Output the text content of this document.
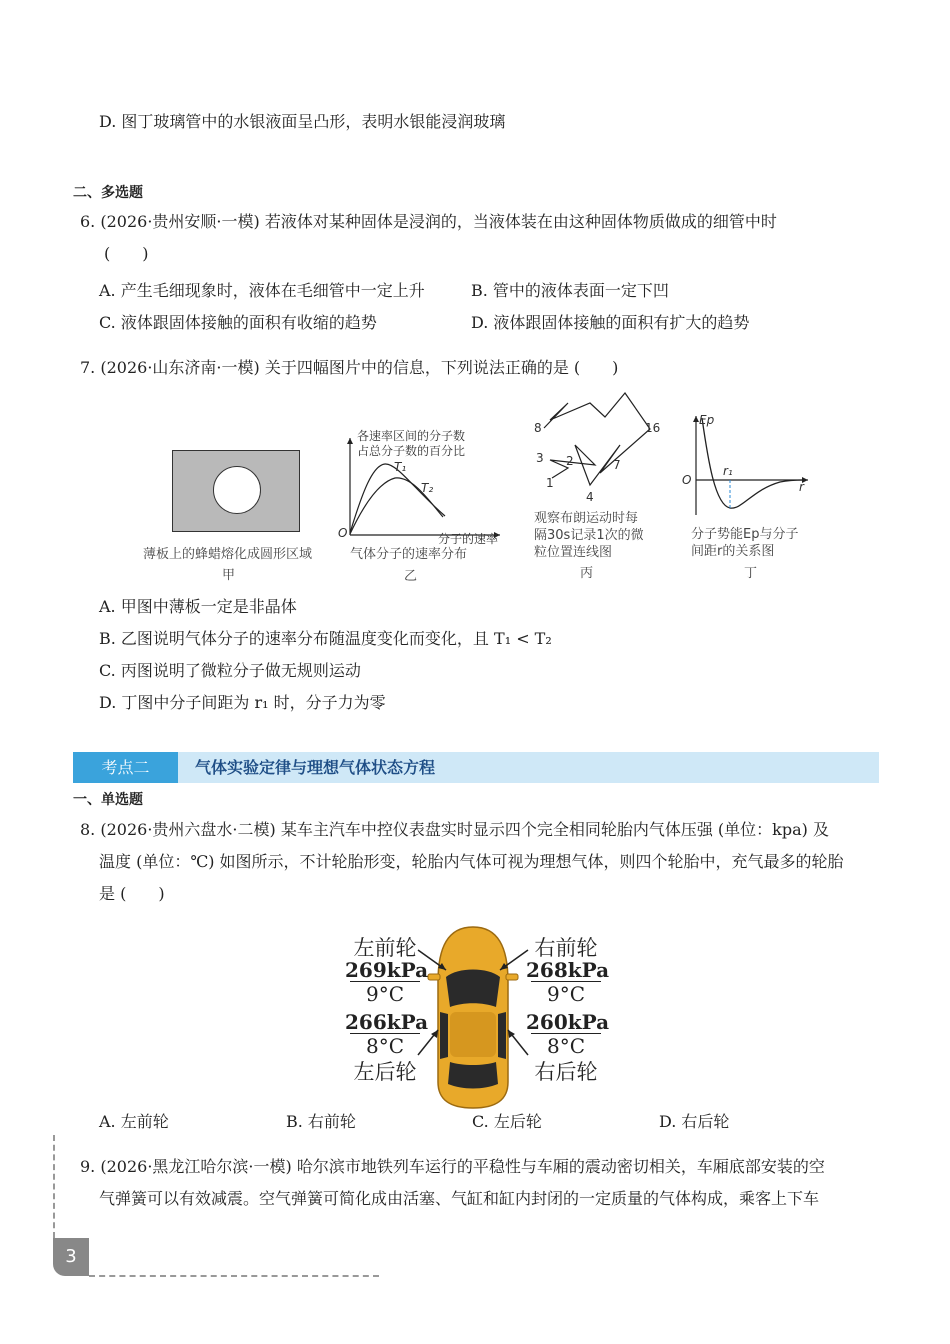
D. 图丁玻璃管中的水银液面呈凸形，表明水银能浸润玻璃
二、多选题
6. (2026·贵州安顺·一模) 若液体对某种固体是浸润的，当液体装在由这种固体物质做成的细管中时
(　　)
A. 产生毛细现象时，液体在毛细管中一定上升	B. 管中的液体表面一定下凹
C. 液体跟固体接触的面积有收缩的趋势	D. 液体跟固体接触的面积有扩大的趋势
7. (2026·山东济南·一模) 关于四幅图片中的信息，下列说法正确的是 (　　)
薄板上的蜂蜡熔化成圆形区域
甲
各速率区间的分子数
占总分子数的百分比
T₁
T₂
O	分子的速率
气体分子的速率分布
乙
8	16
3 2
1
7
4
观察布朗运动时每
隔30s记录1次的微
粒位置连线图
丙
Ep
O
r₁
r
分子势能Ep与分子
间距r的关系图
丁
A. 甲图中薄板一定是非晶体
B. 乙图说明气体分子的速率分布随温度变化而变化，且 T₁ < T₂
C. 丙图说明了微粒分子做无规则运动
D. 丁图中分子间距为 r₁ 时，分子力为零
考点二	气体实验定律与理想气体状态方程
一、单选题
8. (2026·贵州六盘水·二模) 某车主汽车中控仪表盘实时显示四个完全相同轮胎内气体压强 (单位：kpa) 及
温度 (单位：℃) 如图所示，不计轮胎形变，轮胎内气体可视为理想气体，则四个轮胎中，充气最多的轮胎
是 (　　)
左前轮
269kPa
9°C
右前轮
268kPa
9°C
266kPa
8°C
左后轮
260kPa
8°C
右后轮
A. 左前轮	B. 右前轮	C. 左后轮	D. 右后轮
9. (2026·黑龙江哈尔滨·一模) 哈尔滨市地铁列车运行的平稳性与车厢的震动密切相关，车厢底部安装的空
气弹簧可以有效减震。空气弹簧可简化成由活塞、气缸和缸内封闭的一定质量的气体构成，乘客上下车
3
